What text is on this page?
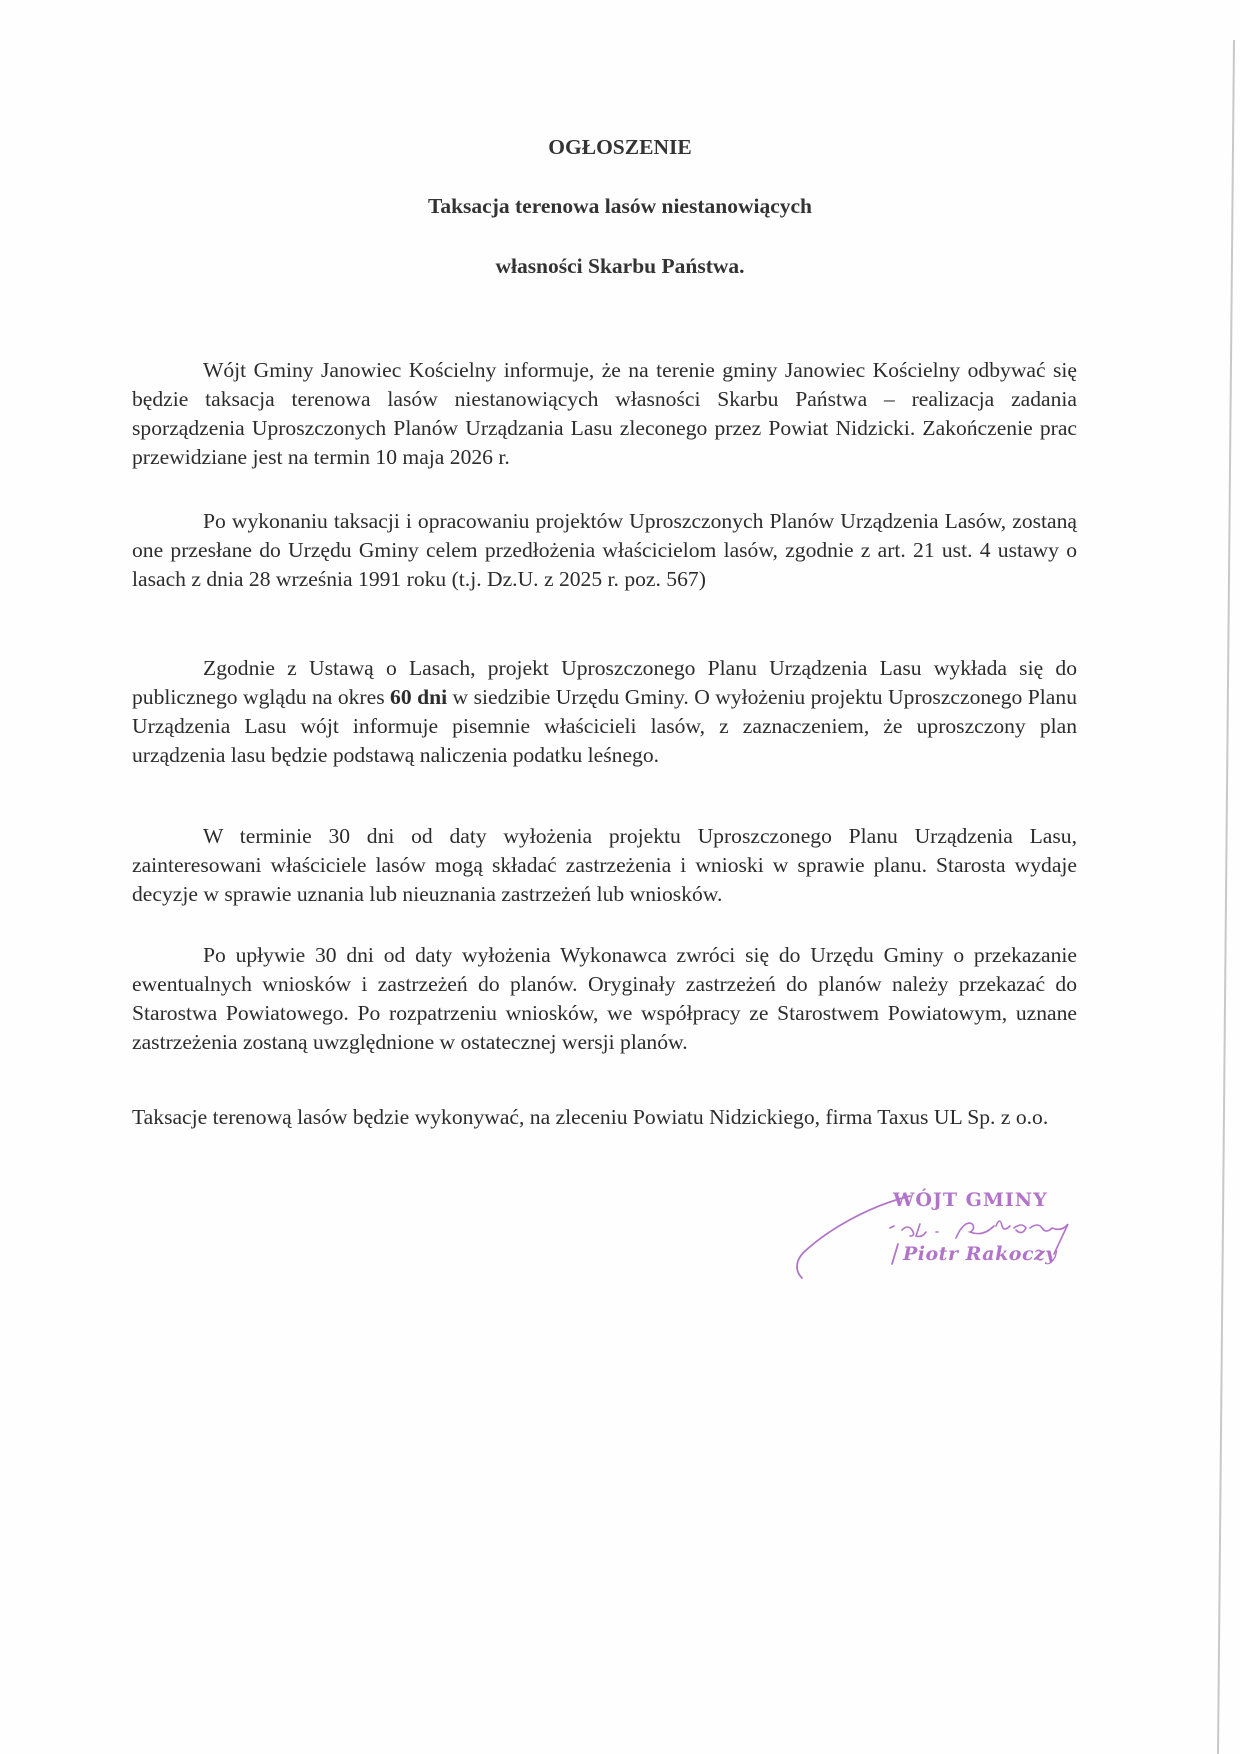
OGŁOSZENIE
Taksacja terenowa lasów niestanowiących
własności Skarbu Państwa.

Wójt Gminy Janowiec Kościelny informuje, że na terenie gminy Janowiec Kościelny odbywać się będzie taksacja terenowa lasów niestanowiących własności Skarbu Państwa – realizacja zadania sporządzenia Uproszczonych Planów Urządzania Lasu zleconego przez Powiat Nidzicki. Zakończenie prac przewidziane jest na termin 10 maja 2026 r.

Po wykonaniu taksacji i opracowaniu projektów Uproszczonych Planów Urządzenia Lasów, zostaną one przesłane do Urzędu Gminy celem przedłożenia właścicielom lasów, zgodnie z art. 21 ust. 4 ustawy o lasach z dnia 28 września 1991 roku (t.j. Dz.U. z 2025 r. poz. 567)

Zgodnie z Ustawą o Lasach, projekt Uproszczonego Planu Urządzenia Lasu wykłada się do publicznego wglądu na okres 60 dni w siedzibie Urzędu Gminy. O wyłożeniu projektu Uproszczonego Planu Urządzenia Lasu wójt informuje pisemnie właścicieli lasów, z zaznaczeniem, że uproszczony plan urządzenia lasu będzie podstawą naliczenia podatku leśnego.

W terminie 30 dni od daty wyłożenia projektu Uproszczonego Planu Urządzenia Lasu, zainteresowani właściciele lasów mogą składać zastrzeżenia i wnioski w sprawie planu. Starosta wydaje decyzje w sprawie uznania lub nieuznania zastrzeżeń lub wniosków.

Po upływie 30 dni od daty wyłożenia Wykonawca zwróci się do Urzędu Gminy o przekazanie ewentualnych wniosków i zastrzeżeń do planów. Oryginały zastrzeżeń do planów należy przekazać do Starostwa Powiatowego. Po rozpatrzeniu wniosków, we współpracy ze Starostwem Powiatowym, uznane zastrzeżenia zostaną uwzględnione w ostatecznej wersji planów.

Taksacje terenową lasów będzie wykonywać, na zleceniu Powiatu Nidzickiego, firma Taxus UL Sp. z o.o.

WÓJT GMINY
Piotr Rakoczy
